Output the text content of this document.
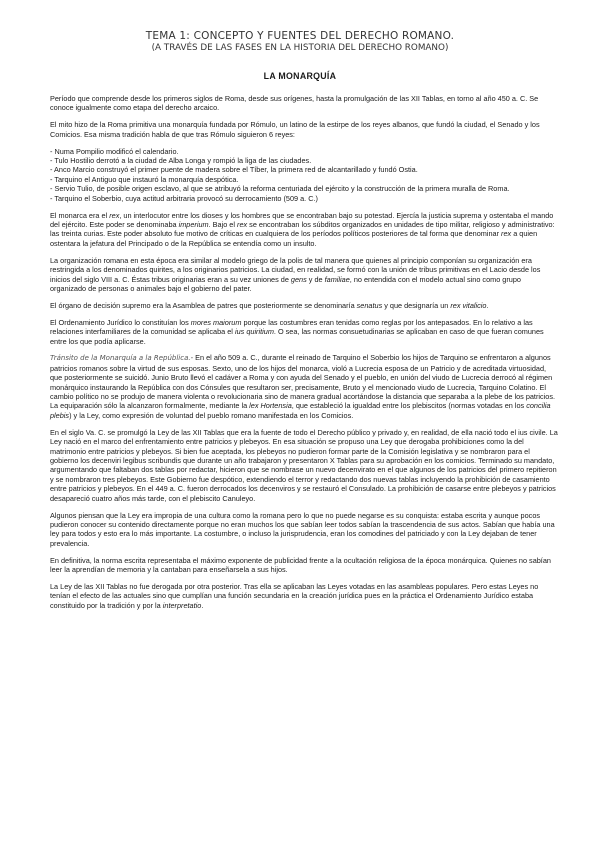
TEMA 1: CONCEPTO Y FUENTES DEL DERECHO ROMANO.
(A TRAVÉS DE LAS FASES EN LA HISTORIA DEL DERECHO ROMANO)
LA MONARQUÍA

Período que comprende desde los primeros siglos de Roma, desde sus orígenes, hasta la promulgación de las XII Tablas, en torno al año 450 a. C. Se conoce igualmente como etapa del derecho arcaico.

El mito hizo de la Roma primitiva una monarquía fundada por Rómulo, un latino de la estirpe de los reyes albanos, que fundó la ciudad, el Senado y los Comicios. Esa misma tradición habla de que tras Rómulo siguieron 6 reyes:

- Numa Pompilio modificó el calendario.

- Tulo Hostilio derrotó a la ciudad de Alba Longa y rompió la liga de las ciudades.

- Anco Marcio construyó el primer puente de madera sobre el Tíber, la primera red de alcantarillado y fundó Ostia.

- Tarquino el Antiguo que instauró la monarquía despótica.

- Servio Tulio, de posible origen esclavo, al que se atribuyó la reforma centuriada del ejército y la construcción de la primera muralla de Roma.

- Tarquino el Soberbio, cuya actitud arbitraria provocó su derrocamiento (509 a. C.)

El monarca era el rex, un interlocutor entre los dioses y los hombres que se encontraban bajo su potestad. Ejercía la justicia suprema y ostentaba el mando del ejército. Este poder se denominaba imperium. Bajo el rex se encontraban los súbditos organizados en unidades de tipo militar, religioso y administrativo: las treinta curias. Este poder absoluto fue motivo de críticas en cualquiera de los períodos políticos posteriores de tal forma que denominar rex a quien ostentara la jefatura del Principado o de la República se entendía como un insulto.

La organización romana en esta época era similar al modelo griego de la polis de tal manera que quienes al principio componían su organización era restringida a los denominados quirites, a los originarios patricios. La ciudad, en realidad, se formó con la unión de tribus primitivas en el Lacio desde los inicios del siglo VIII a. C. Éstas tribus originarias eran a su vez uniones de gens y de familiae, no entendida con el modelo actual sino como grupo organizado de personas o animales bajo el gobierno del pater.

El órgano de decisión supremo era la Asamblea de patres que posteriormente se denominaría senatus y que designaría un rex vitalicio.

El Ordenamiento Jurídico lo constituían los mores maiorum porque las costumbres eran tenidas como reglas por los antepasados. En lo relativo a las relaciones interfamiliares de la comunidad se aplicaba el ius quiritium. O sea, las normas consuetudinarias se aplicaban en caso de que fueran comunes entre los que podía aplicarse.

Tránsito de la Monarquía a la República.- En el año 509 a. C., durante el reinado de Tarquino el Soberbio los hijos de Tarquino se enfrentaron a algunos patricios romanos sobre la virtud de sus esposas. Sexto, uno de los hijos del monarca, violó a Lucrecia esposa de un Patricio y de acreditada virtuosidad, que posteriormente se suicidó. Junio Bruto llevó el cadáver a Roma y con ayuda del Senado y el pueblo, en unión del viudo de Lucrecia derrocó al régimen monárquico instaurando la República con dos Cónsules que resultaron ser, precisamente, Bruto y el mencionado viudo de Lucrecia, Tarquino Colatino. El cambio político no se produjo de manera violenta o revolucionaria sino de manera gradual acortándose la distancia que separaba a la plebe de los patricios. La equiparación sólo la alcanzaron formalmente, mediante la lex Hortensia, que estableció la igualdad entre los plebiscitos (normas votadas en los concilia plebis) y la Ley, como expresión de voluntad del pueblo romano manifestada en los Comicios.

En el siglo Va. C. se promulgó la Ley de las XII Tablas que era la fuente de todo el Derecho público y privado y, en realidad, de ella nació todo el ius civile. La Ley nació en el marco del enfrentamiento entre patricios y plebeyos. En esa situación se propuso una Ley que derogaba prohibiciones como la del matrimonio entre patricios y plebeyos. Si bien fue aceptada, los plebeyos no pudieron formar parte de la Comisión legislativa y se nombraron para el gobierno los decenviri legibus scribundis que durante un año trabajaron y presentaron X Tablas para su aprobación en los comicios. Terminado su mandato, argumentando que faltaban dos tablas por redactar, hicieron que se nombrase un nuevo decenvirato en el que algunos de los patricios del primero repitieron y se nombraron tres plebeyos. Este Gobierno fue despótico, extendiendo el terror y redactando dos nuevas tablas incluyendo la prohibición de casamiento entre patricios y plebeyos. En el 449 a. C. fueron derrocados los decenviros y se restauró el Consulado. La prohibición de casarse entre plebeyos y patricios desapareció cuatro años más tarde, con el plebiscito Canuleyo.

Algunos piensan que la Ley era impropia de una cultura como la romana pero lo que no puede negarse es su conquista: estaba escrita y aunque pocos pudieron conocer su contenido directamente porque no eran muchos los que sabían leer todos sabían la trascendencia de sus actos. Sabían que había una ley para todos y esto era lo más importante. La costumbre, o incluso la jurisprudencia, eran los comodines del patriciado y con la Ley dejaban de tener prevalencia.

En definitiva, la norma escrita representaba el máximo exponente de publicidad frente a la ocultación religiosa de la época monárquica. Quienes no sabían leer la aprendían de memoria y la cantaban para enseñarsela a sus hijos.

La Ley de las XII Tablas no fue derogada por otra posterior. Tras ella se aplicaban las Leyes votadas en las asambleas populares. Pero estas Leyes no tenían el efecto de las actuales sino que cumplían una función secundaria en la creación jurídica pues en la práctica el Ordenamiento Jurídico estaba constituido por la tradición y por la interpretatio.
